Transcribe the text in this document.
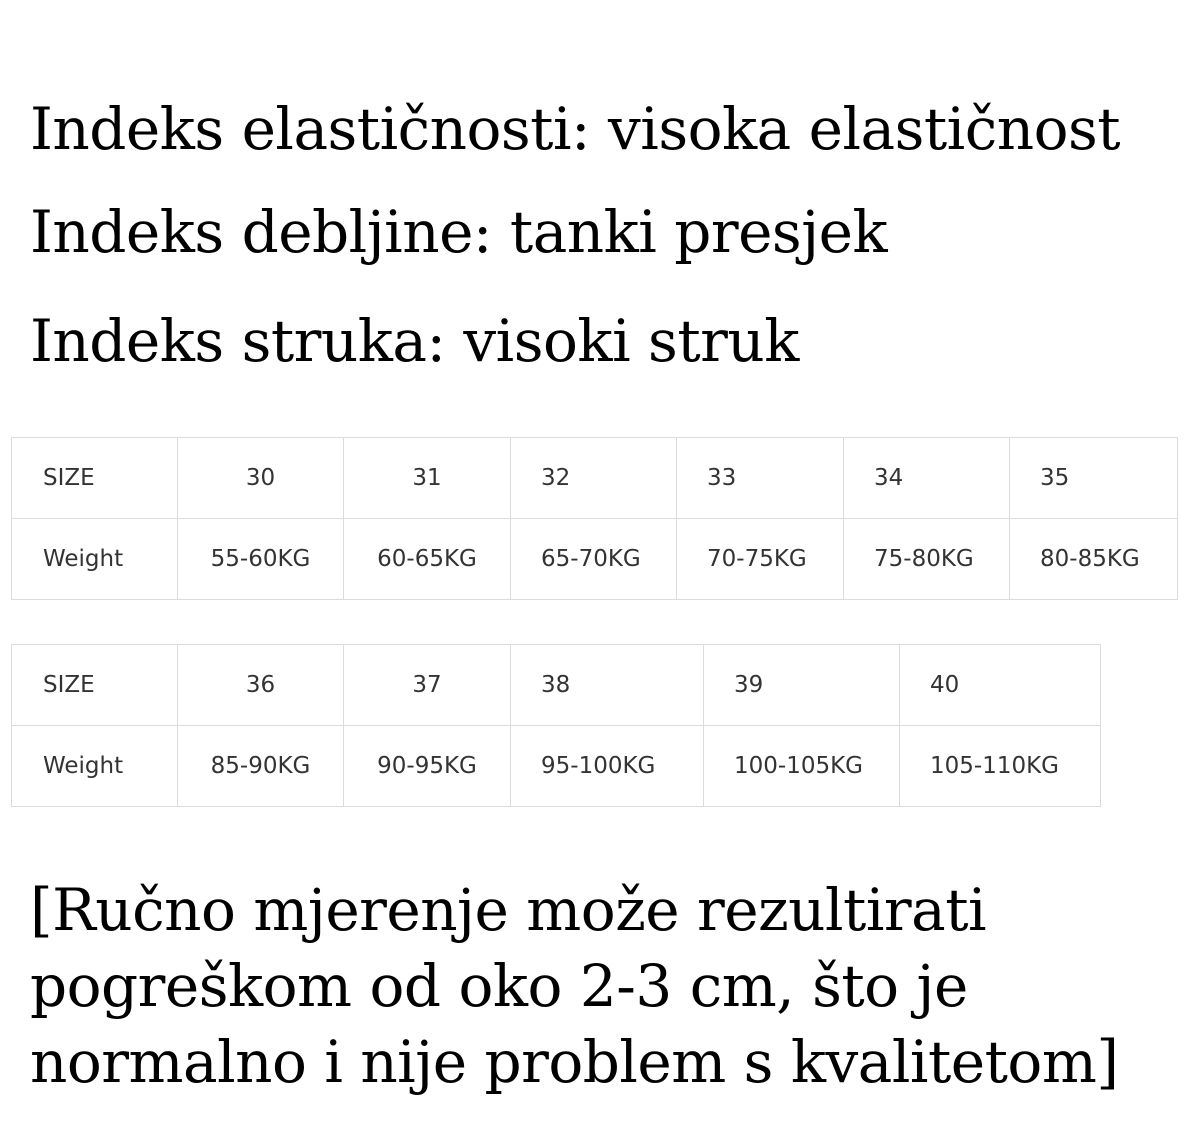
Indeks elastičnosti: visoka elastičnost
Indeks debljine: tanki presjek
Indeks struka: visoki struk
SIZE	30	31	32	33	34	35
Weight	55-60KG	60-65KG	65-70KG	70-75KG	75-80KG	80-85KG
SIZE	36	37	38	39	40
Weight	85-90KG	90-95KG	95-100KG	100-105KG	105-110KG
[Ručno mjerenje može rezultirati
pogreškom od oko 2-3 cm, što je
normalno i nije problem s kvalitetom]
